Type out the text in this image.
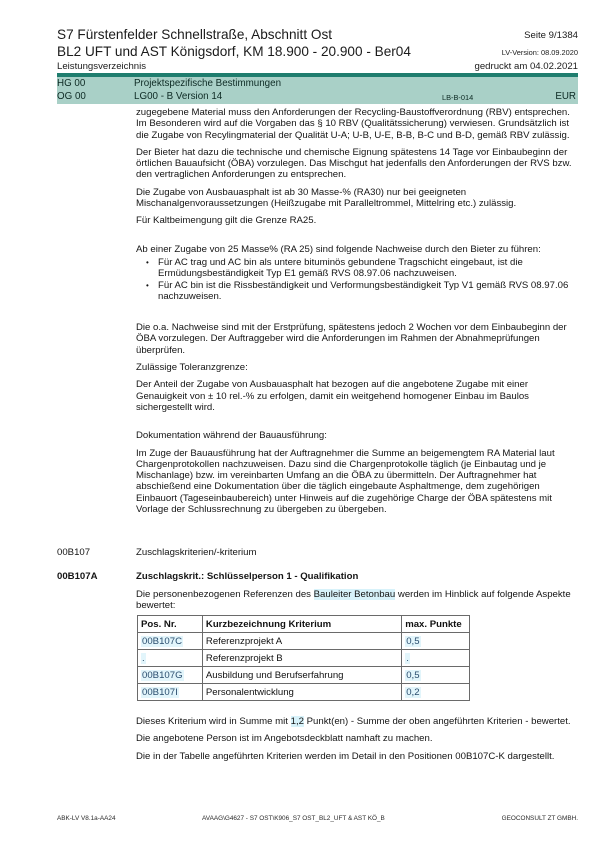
S7 Fürstenfelder Schnellstraße, Abschnitt Ost
BL2 UFT und AST Königsdorf, KM 18.900 - 20.900 - Ber04
Leistungsverzeichnis
Seite 9/1384
LV-Version: 08.09.2020
gedruckt am 04.02.2021
HG 00	Projektspezifische Bestimmungen
OG 00	LG00 - B Version 14	LB-B-014	EUR

zugegebene Material muss den Anforderungen der Recycling-Baustoffverordnung (RBV) entsprechen. Im Besonderen wird auf die Vorgaben das § 10 RBV (Qualitätssicherung) verwiesen. Grundsätzlich ist die Zugabe von Recylingmaterial der Qualität U-A; U-B, U-E, B-B, B-C und B-D, gemäß RBV zulässig.

Der Bieter hat dazu die technische und chemische Eignung spätestens 14 Tage vor Einbaubeginn der örtlichen Bauaufsicht (ÖBA) vorzulegen. Das Mischgut hat jedenfalls den Anforderungen der RVS bzw. den vertraglichen Anforderungen zu entsprechen.

Die Zugabe von Ausbauasphalt ist ab 30 Masse-% (RA30) nur bei geeigneten Mischanalgenvoraussetzungen (Heißzugabe mit Paralleltrommel, Mittelring etc.) zulässig.

Für Kaltbeimengung gilt die Grenze RA25.

Ab einer Zugabe von 25 Masse% (RA 25) sind folgende Nachweise durch den Bieter zu führen:

• Für AC trag und AC bin als untere bituminös gebundene Tragschicht eingebaut, ist die Ermüdungsbeständigkeit Typ E1 gemäß RVS 08.97.06 nachzuweisen.
• Für AC bin ist die Rissbeständigkeit und Verformungsbeständigkeit Typ V1 gemäß RVS 08.97.06 nachzuweisen.

Die o.a. Nachweise sind mit der Erstprüfung, spätestens jedoch 2 Wochen vor dem Einbaubeginn der ÖBA vorzulegen. Der Auftraggeber wird die Anforderungen im Rahmen der Abnahmeprüfungen überprüfen.

Zulässige Toleranzgrenze:

Der Anteil der Zugabe von Ausbauasphalt hat bezogen auf die angebotene Zugabe mit einer Genauigkeit von ± 10 rel.-% zu erfolgen, damit ein weitgehend homogener Einbau im Baulos sichergestellt wird.

Dokumentation während der Bauausführung:

Im Zuge der Bauausführung hat der Auftragnehmer die Summe an beigemengtem RA Material laut Chargenprotokollen nachzuweisen. Dazu sind die Chargenprotokolle täglich (je Einbautag und je Mischanlage) bzw. im vereinbarten Umfang an die ÖBA zu übermitteln. Der Auftragnehmer hat abschießend eine Dokumentation über die täglich eingebaute Asphaltmenge, dem zugehörigen Einbauort (Tageseinbaubereich) unter Hinweis auf die zugehörige Charge der ÖBA spätestens mit Vorlage der Schlussrechnung zu übergeben zu übergeben.

00B107	Zuschlagskriterien/-kriterium
00B107A	Zuschlagskrit.: Schlüsselperson 1 - Qualifikation

Die personenbezogenen Referenzen des Bauleiter Betonbau werden im Hinblick auf folgende Aspekte bewertet:

Pos. Nr.	Kurzbezeichnung Kriterium	max. Punkte
00B107C	Referenzprojekt A	0,5
.	Referenzprojekt B	.
00B107G	Ausbildung und Berufserfahrung	0,5
00B107I	Personalentwicklung	0,2

Dieses Kriterium wird in Summe mit 1,2 Punkt(en) - Summe der oben angeführten Kriterien - bewertet.

Die angebotene Person ist im Angebotsdeckblatt namhaft zu machen.

Die in der Tabelle angeführten Kriterien werden im Detail in den Positionen 00B107C-K dargestellt.

ABK-LV V8.1a-AA24	AVAAG\G4627 - S7 OST\K906_S7 OST_BL2_UFT & AST KÖ_B	GEOCONSULT ZT GMBH.
